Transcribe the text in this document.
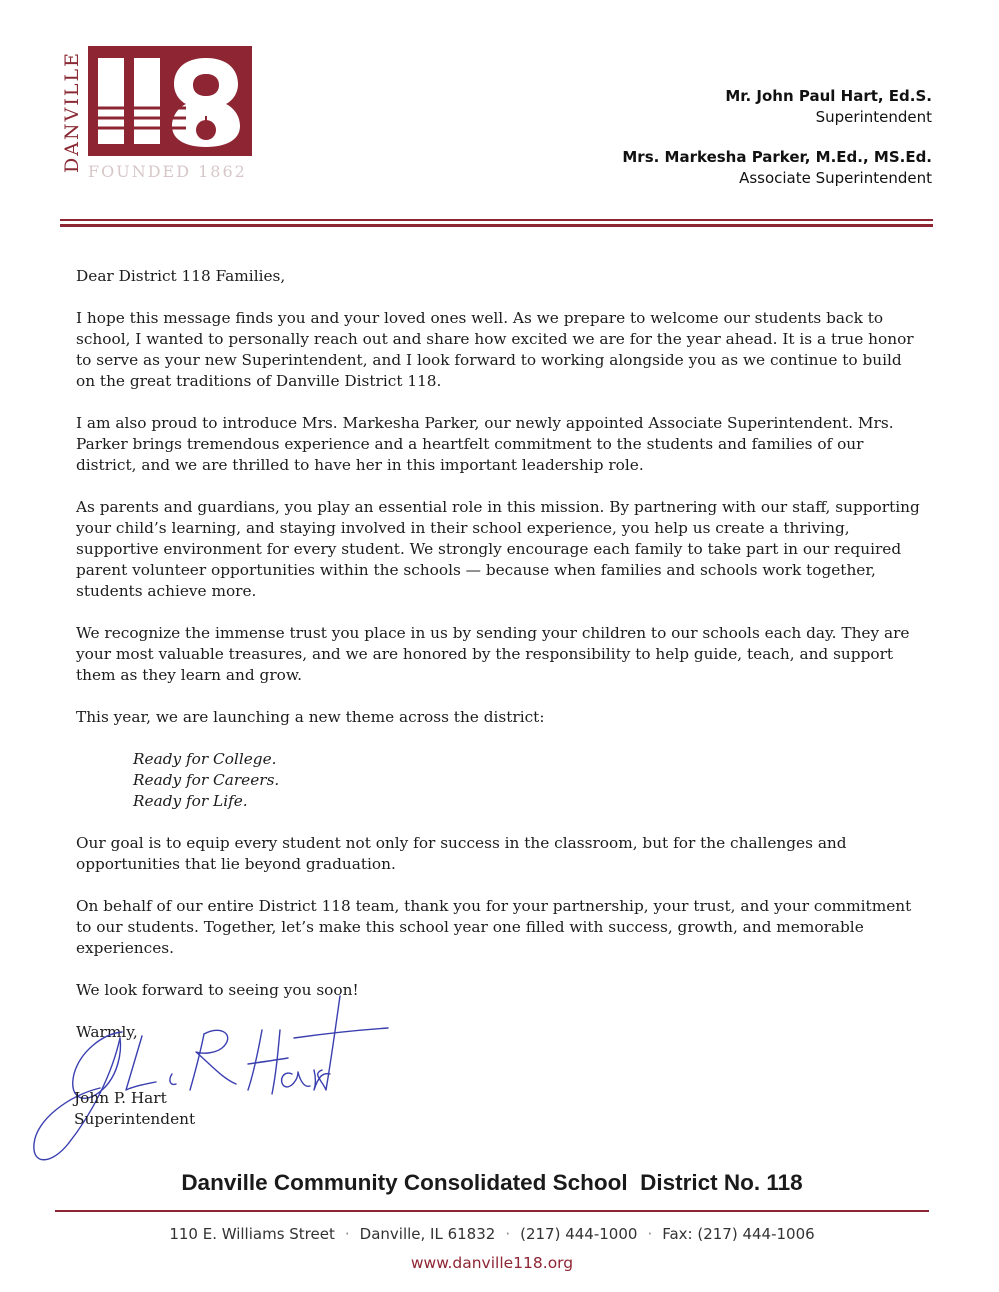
DANVILLE FOUNDED 1862
Mr. John Paul Hart, Ed.S.
Superintendent
Mrs. Markesha Parker, M.Ed., MS.Ed.
Associate Superintendent

Dear District 118 Families,

I hope this message finds you and your loved ones well. As we prepare to welcome our students back to school, I wanted to personally reach out and share how excited we are for the year ahead. It is a true honor to serve as your new Superintendent, and I look forward to working alongside you as we continue to build on the great traditions of Danville District 118.

I am also proud to introduce Mrs. Markesha Parker, our newly appointed Associate Superintendent. Mrs. Parker brings tremendous experience and a heartfelt commitment to the students and families of our district, and we are thrilled to have her in this important leadership role.

As parents and guardians, you play an essential role in this mission. By partnering with our staff, supporting your child’s learning, and staying involved in their school experience, you help us create a thriving, supportive environment for every student. We strongly encourage each family to take part in our required parent volunteer opportunities within the schools — because when families and schools work together, students achieve more.

We recognize the immense trust you place in us by sending your children to our schools each day. They are your most valuable treasures, and we are honored by the responsibility to help guide, teach, and support them as they learn and grow.

This year, we are launching a new theme across the district:

Ready for College.
Ready for Careers.
Ready for Life.

Our goal is to equip every student not only for success in the classroom, but for the challenges and opportunities that lie beyond graduation.

On behalf of our entire District 118 team, thank you for your partnership, your trust, and your commitment to our students. Together, let’s make this school year one filled with success, growth, and memorable experiences.

We look forward to seeing you soon!

Warmly,

John P. Hart
Superintendent
Danville Community Consolidated School  District No. 118
110 E. Williams Street · Danville, IL 61832 · (217) 444-1000 · Fax: (217) 444-1006
www.danville118.org
